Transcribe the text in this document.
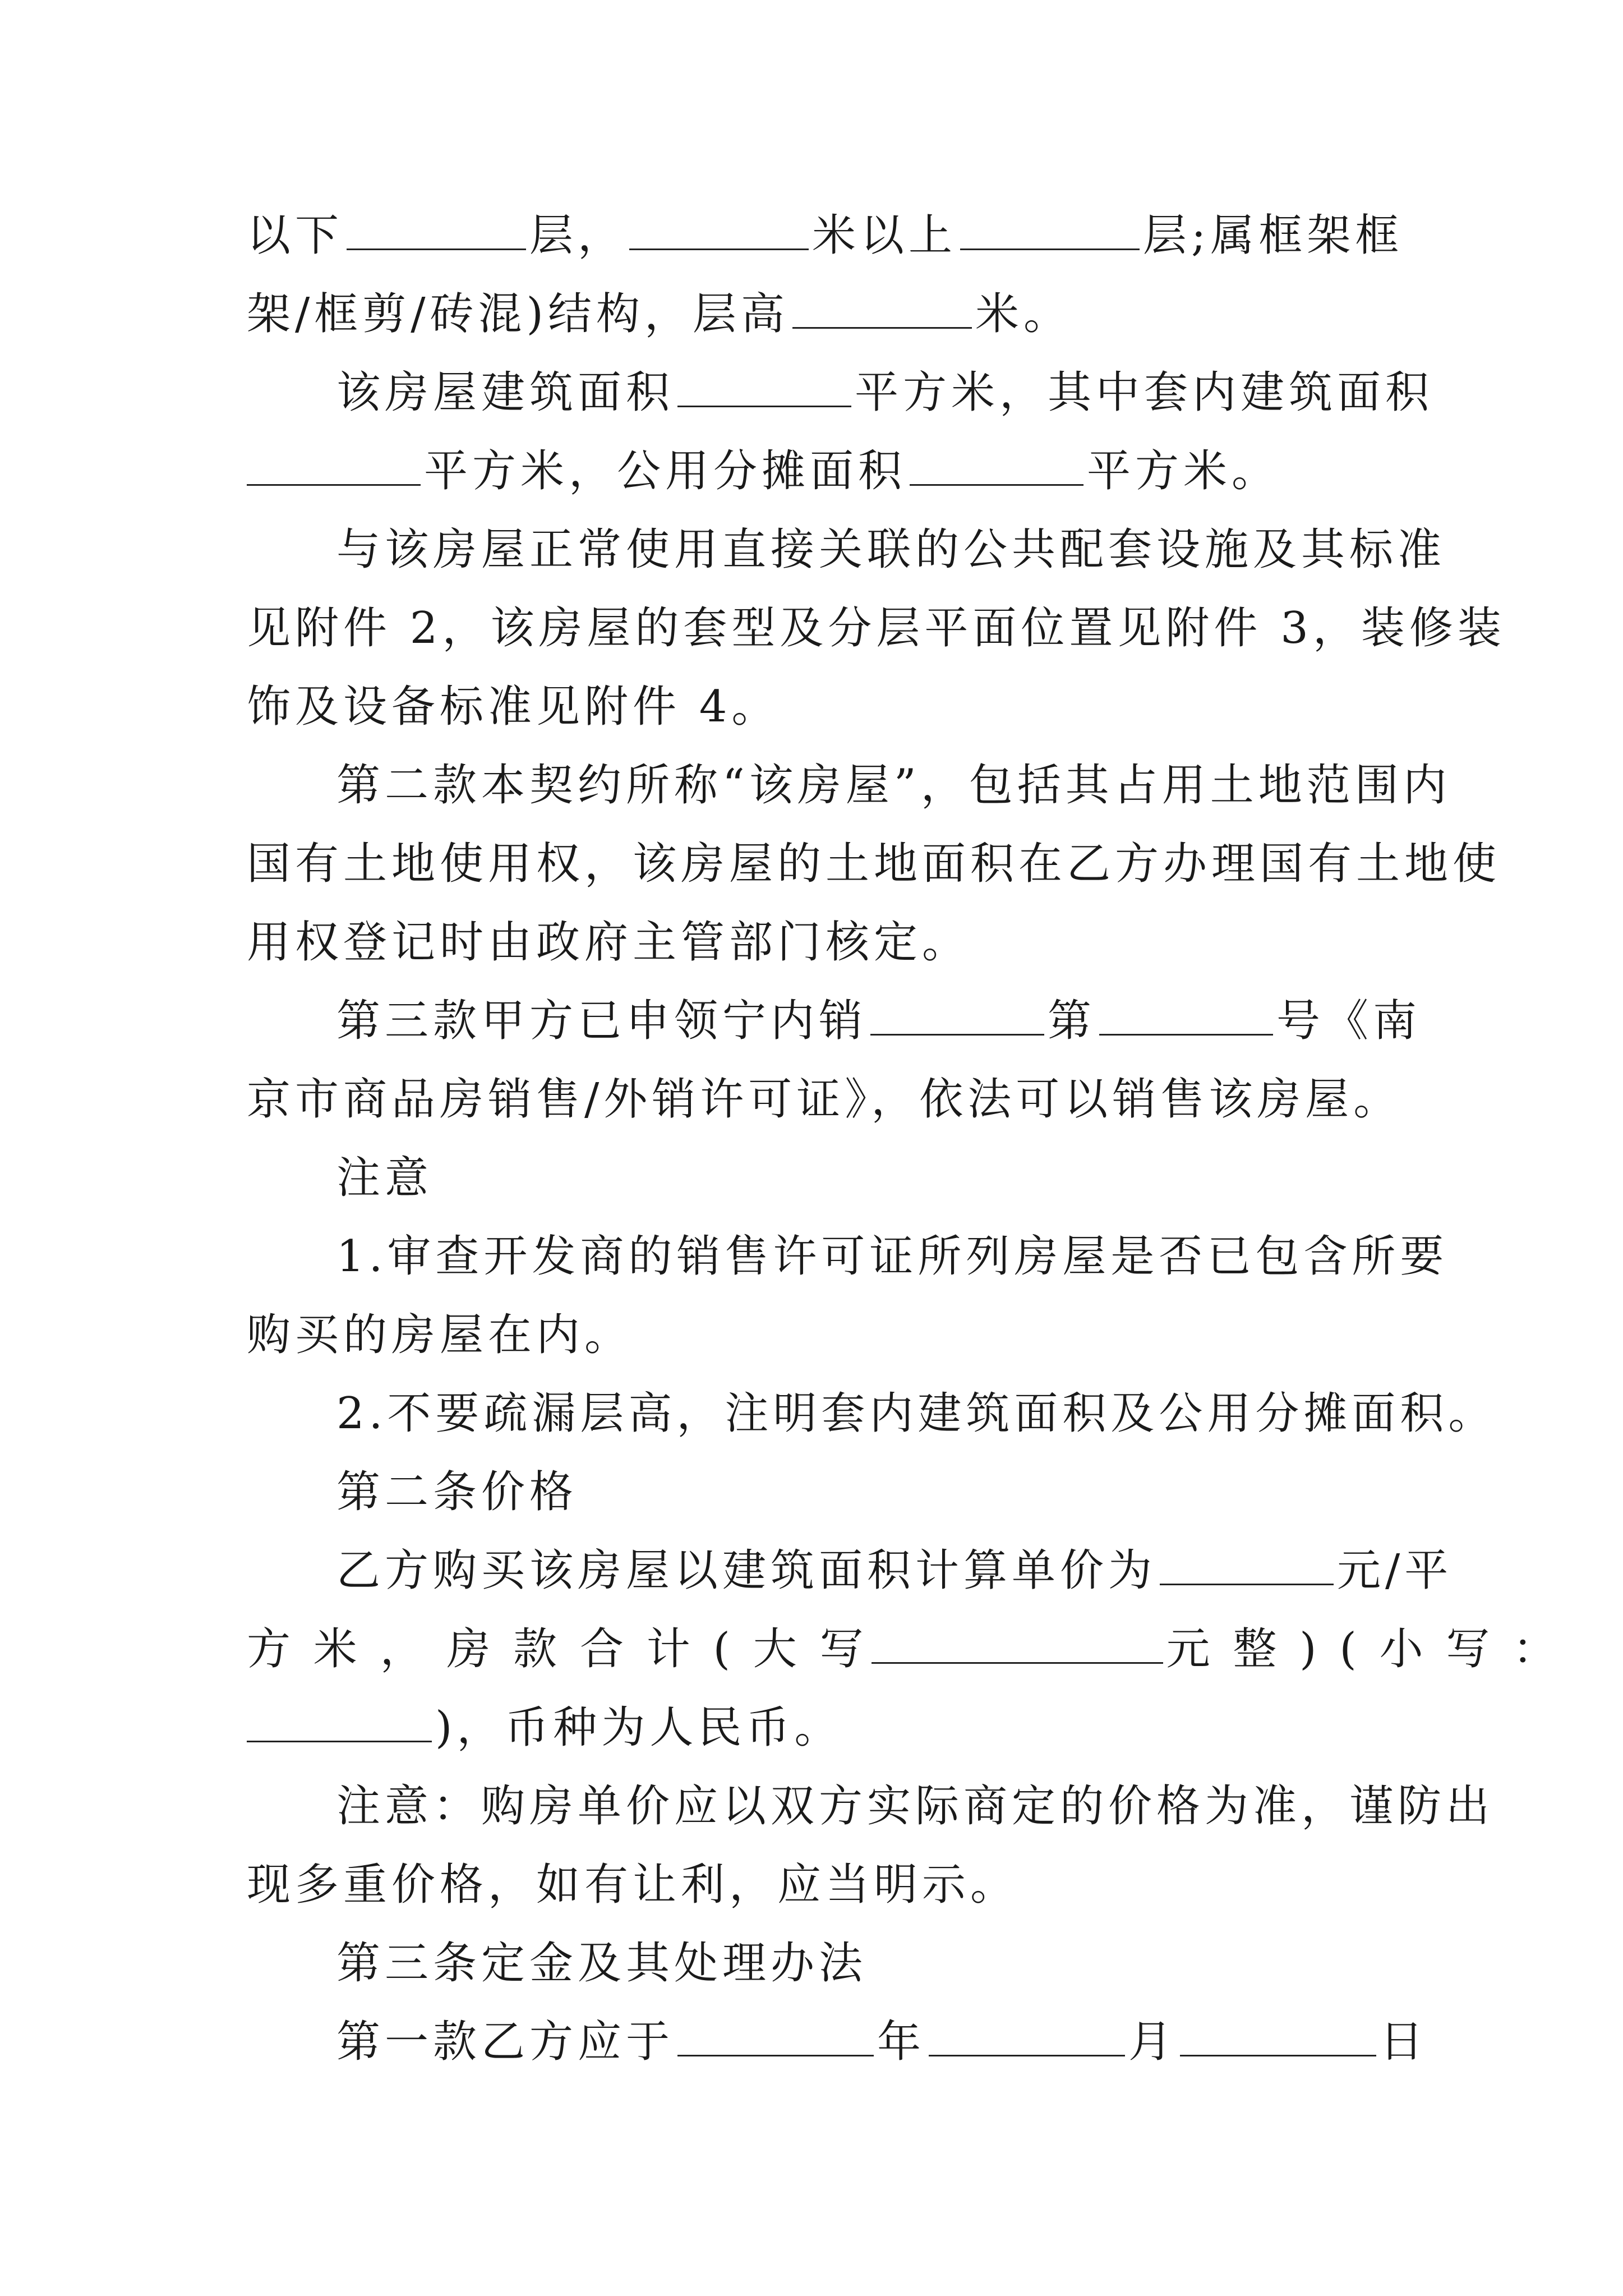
以下	层，	米以上	层;属框架框
架/框剪/砖混)结构，层高	米。
该房屋建筑面积	平方米，其中套内建筑面积
平方米，公用分摊面积	平方米。
与该房屋正常使用直接关联的公共配套设施及其标准
见附件 2，该房屋的套型及分层平面位置见附件 3，装修装
饰及设备标准见附件 4。
第二款本契约所称“该房屋”，包括其占用土地范围内
国有土地使用权，该房屋的土地面积在乙方办理国有土地使
用权登记时由政府主管部门核定。
第三款甲方已申领宁内销	第	号《南
京市商品房销售/外销许可证》，依法可以销售该房屋。
注意
1.审查开发商的销售许可证所列房屋是否已包含所要
购买的房屋在内。
2.不要疏漏层高，注明套内建筑面积及公用分摊面积。
第二条价格
乙方购买该房屋以建筑面积计算单价为	元/平
方 米 ， 房 款 合 计 ( 大 写	元 整 ) ( 小 写 ：
)，币种为人民币。
注意：购房单价应以双方实际商定的价格为准，谨防出
现多重价格，如有让利，应当明示。
第三条定金及其处理办法
第一款乙方应于	年	月	日
